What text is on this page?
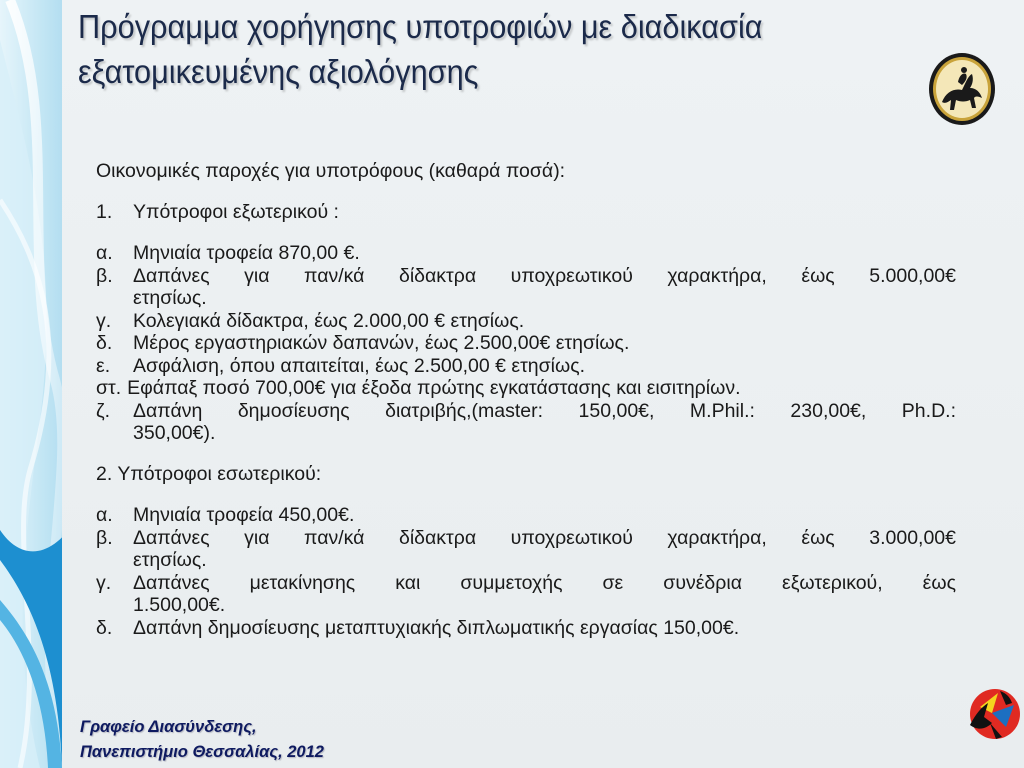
Πρόγραμμα χορήγησης υποτροφιών με διαδικασία
εξατομικευμένης αξιολόγησης

Οικονομικές παροχές για υποτρόφους (καθαρά ποσά):

1.	Υπότροφοι εξωτερικού :
α.	Μηνιαία τροφεία 870,00 €.
β.	Δαπάνες για παν/κά δίδακτρα υποχρεωτικού χαρακτήρα, έως 5.000,00€
ετησίως.
γ.	Κολεγιακά δίδακτρα, έως 2.000,00 € ετησίως.
δ.	Μέρος εργαστηριακών δαπανών, έως 2.500,00€ ετησίως.
ε.	Ασφάλιση, όπου απαιτείται, έως 2.500,00 € ετησίως.
στ. Εφάπαξ ποσό 700,00€ για έξοδα πρώτης εγκατάστασης και εισιτηρίων.
ζ.	Δαπάνη δημοσίευσης διατριβής,(master: 150,00€, M.Phil.: 230,00€, Ph.D.:
350,00€).

2. Υπότροφοι εσωτερικού:

α.	Μηνιαία τροφεία 450,00€.
β.	Δαπάνες για παν/κά δίδακτρα υποχρεωτικού χαρακτήρα, έως 3.000,00€
ετησίως.
γ.	Δαπάνες μετακίνησης και συμμετοχής σε συνέδρια εξωτερικού, έως
1.500,00€.
δ.	Δαπάνη δημοσίευσης μεταπτυχιακής διπλωματικής εργασίας 150,00€.
Γραφείο Διασύνδεσης,
Πανεπιστήμιο Θεσσαλίας, 2012
